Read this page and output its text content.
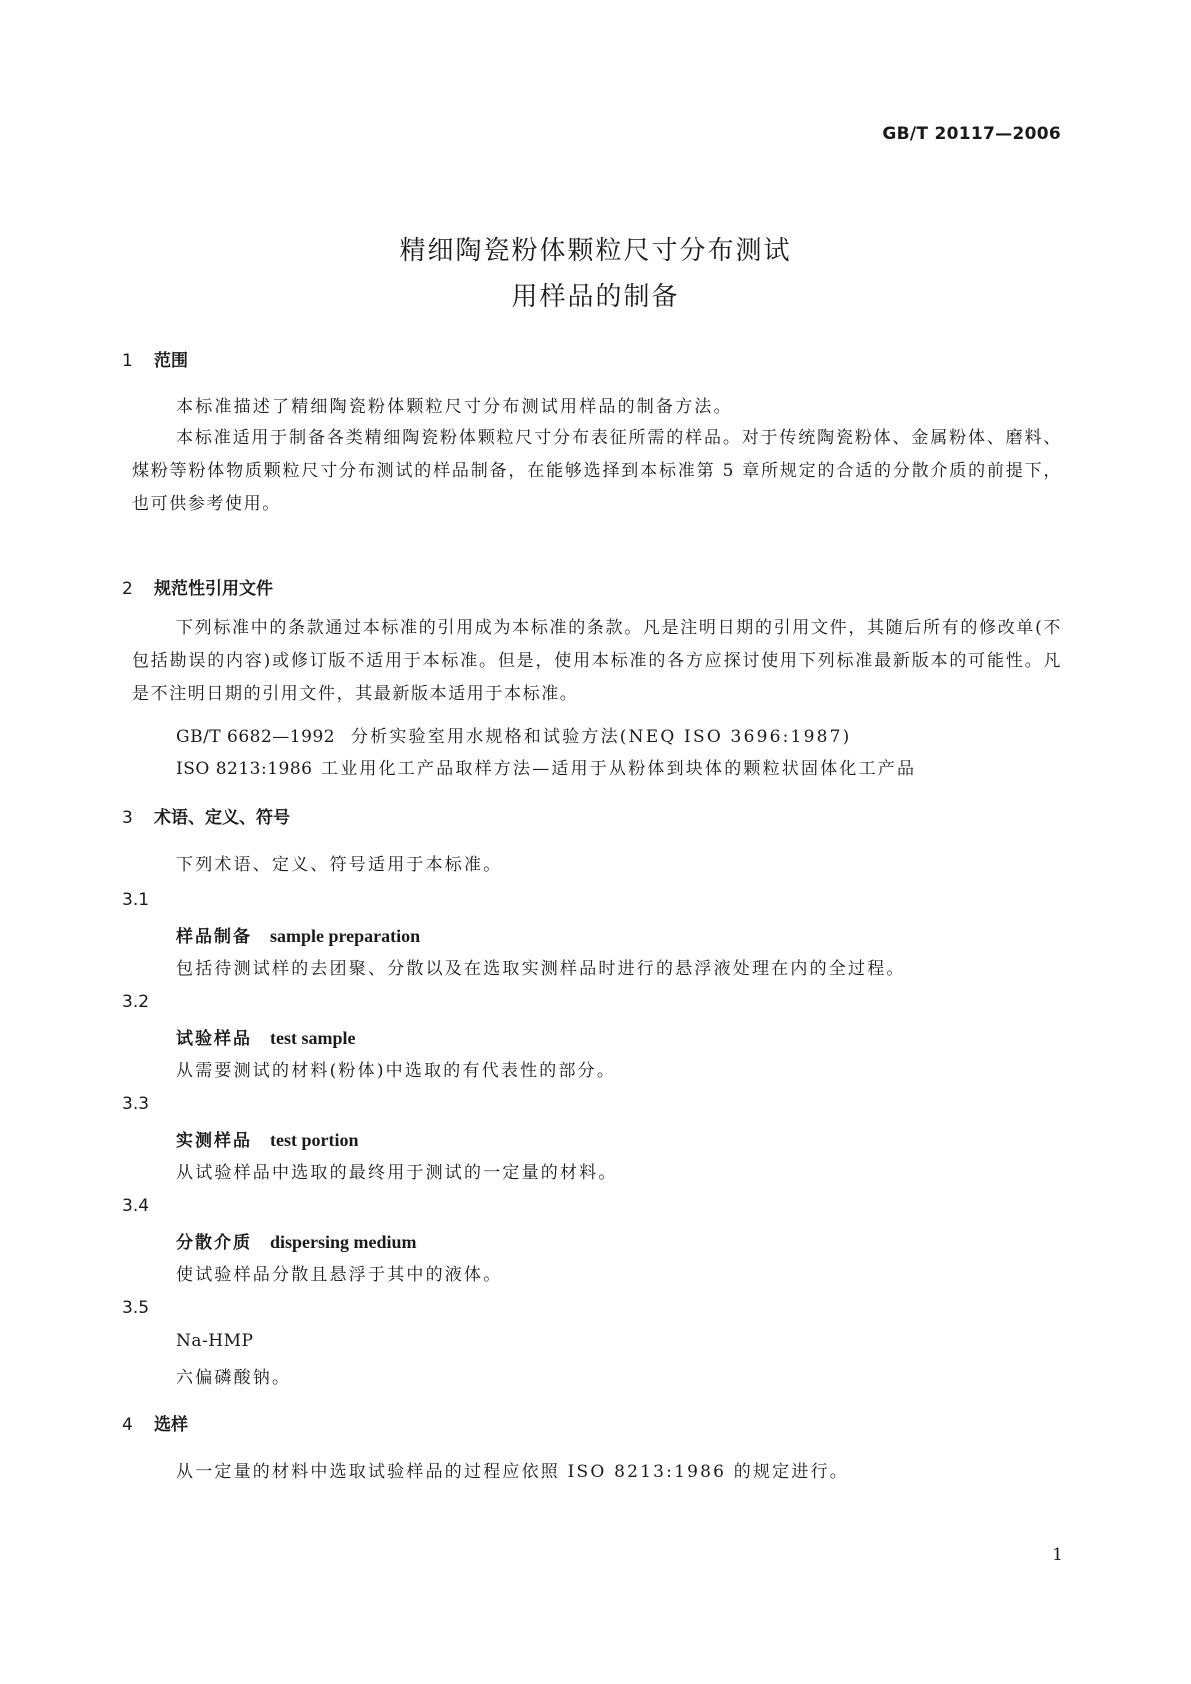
GB/T 20117—2006
精细陶瓷粉体颗粒尺寸分布测试
用样品的制备
1 范围
本标准描述了精细陶瓷粉体颗粒尺寸分布测试用样品的制备方法。
本标准适用于制备各类精细陶瓷粉体颗粒尺寸分布表征所需的样品。对于传统陶瓷粉体、金属粉体、磨料、煤粉等粉体物质颗粒尺寸分布测试的样品制备，在能够选择到本标准第 5 章所规定的合适的分散介质的前提下，也可供参考使用。
2 规范性引用文件
下列标准中的条款通过本标准的引用成为本标准的条款。凡是注明日期的引用文件，其随后所有的修改单(不包括勘误的内容)或修订版不适用于本标准。但是，使用本标准的各方应探讨使用下列标准最新版本的可能性。凡是不注明日期的引用文件，其最新版本适用于本标准。
GB/T 6682—1992 分析实验室用水规格和试验方法(NEQ ISO 3696:1987)
ISO 8213:1986 工业用化工产品取样方法—适用于从粉体到块体的颗粒状固体化工产品
3 术语、定义、符号
下列术语、定义、符号适用于本标准。
3.1
样品制备 sample preparation
包括待测试样的去团聚、分散以及在选取实测样品时进行的悬浮液处理在内的全过程。
3.2
试验样品 test sample
从需要测试的材料(粉体)中选取的有代表性的部分。
3.3
实测样品 test portion
从试验样品中选取的最终用于测试的一定量的材料。
3.4
分散介质 dispersing medium
使试验样品分散且悬浮于其中的液体。
3.5
Na-HMP
六偏磷酸钠。
4 选样
从一定量的材料中选取试验样品的过程应依照 ISO 8213:1986 的规定进行。
1
